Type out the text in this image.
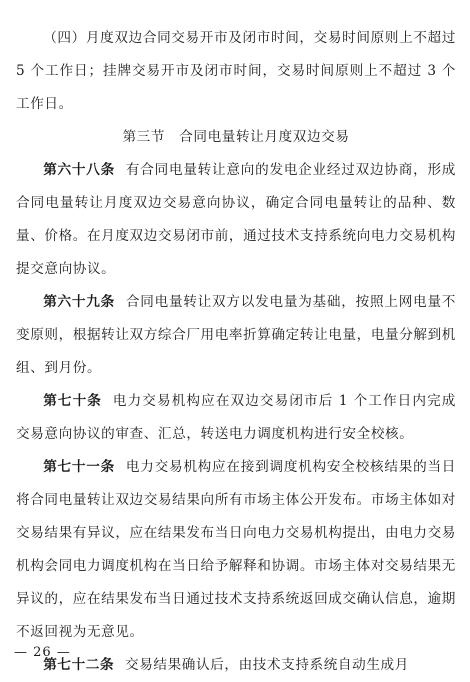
（四）月度双边合同交易开市及闭市时间，交易时间原则上不超过 5 个工作日；挂牌交易开市及闭市时间，交易时间原则上不超过 3 个工作日。

第三节　合同电量转让月度双边交易

第六十八条 有合同电量转让意向的发电企业经过双边协商，形成合同电量转让月度双边交易意向协议，确定合同电量转让的品种、数量、价格。在月度双边交易闭市前，通过技术支持系统向电力交易机构提交意向协议。

第六十九条 合同电量转让双方以发电量为基础，按照上网电量不变原则，根据转让双方综合厂用电率折算确定转让电量，电量分解到机组、到月份。

第七十条 电力交易机构应在双边交易闭市后 1 个工作日内完成交易意向协议的审查、汇总，转送电力调度机构进行安全校核。

第七十一条 电力交易机构应在接到调度机构安全校核结果的当日将合同电量转让双边交易结果向所有市场主体公开发布。市场主体如对交易结果有异议，应在结果发布当日向电力交易机构提出，由电力交易机构会同电力调度机构在当日给予解释和协调。市场主体对交易结果无异议的，应在结果发布当日通过技术支持系统返回成交确认信息，逾期不返回视为无意见。

第七十二条 交易结果确认后，由技术支持系统自动生成月

— 26 —
